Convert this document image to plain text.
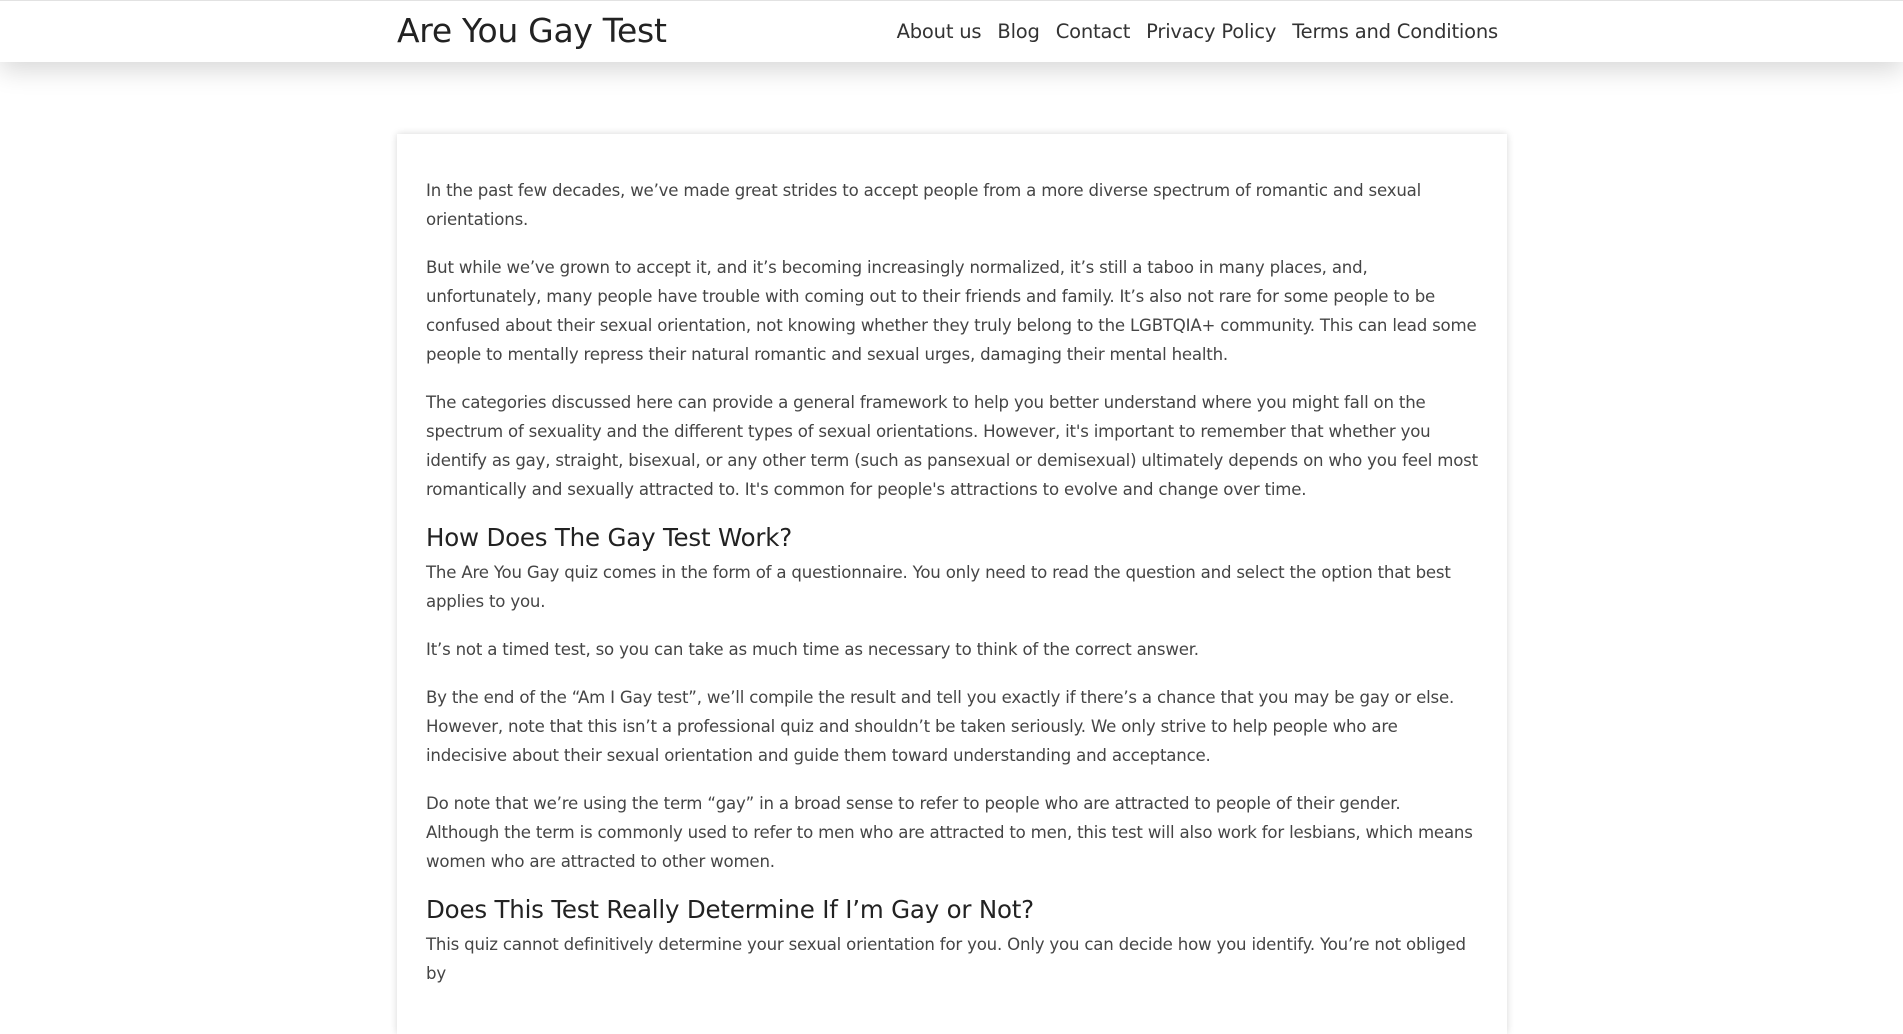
Are You Gay Test	About us Blog Contact Privacy Policy Terms and Conditions

In the past few decades, we’ve made great strides to accept people from a more diverse spectrum of romantic and sexual orientations.

But while we’ve grown to accept it, and it’s becoming increasingly normalized, it’s still a taboo in many places, and, unfortunately, many people have trouble with coming out to their friends and family. It’s also not rare for some people to be confused about their sexual orientation, not knowing whether they truly belong to the LGBTQIA+ community. This can lead some people to mentally repress their natural romantic and sexual urges, damaging their mental health.

The categories discussed here can provide a general framework to help you better understand where you might fall on the spectrum of sexuality and the different types of sexual orientations. However, it's important to remember that whether you identify as gay, straight, bisexual, or any other term (such as pansexual or demisexual) ultimately depends on who you feel most romantically and sexually attracted to. It's common for people's attractions to evolve and change over time.

How Does The Gay Test Work?

The Are You Gay quiz comes in the form of a questionnaire. You only need to read the question and select the option that best applies to you.

It’s not a timed test, so you can take as much time as necessary to think of the correct answer.

By the end of the “Am I Gay test”, we’ll compile the result and tell you exactly if there’s a chance that you may be gay or else. However, note that this isn’t a professional quiz and shouldn’t be taken seriously. We only strive to help people who are indecisive about their sexual orientation and guide them toward understanding and acceptance.

Do note that we’re using the term “gay” in a broad sense to refer to people who are attracted to people of their gender. Although the term is commonly used to refer to men who are attracted to men, this test will also work for lesbians, which means women who are attracted to other women.

Does This Test Really Determine If I’m Gay or Not?

This quiz cannot definitively determine your sexual orientation for you. Only you can decide how you identify. You’re not obliged by
